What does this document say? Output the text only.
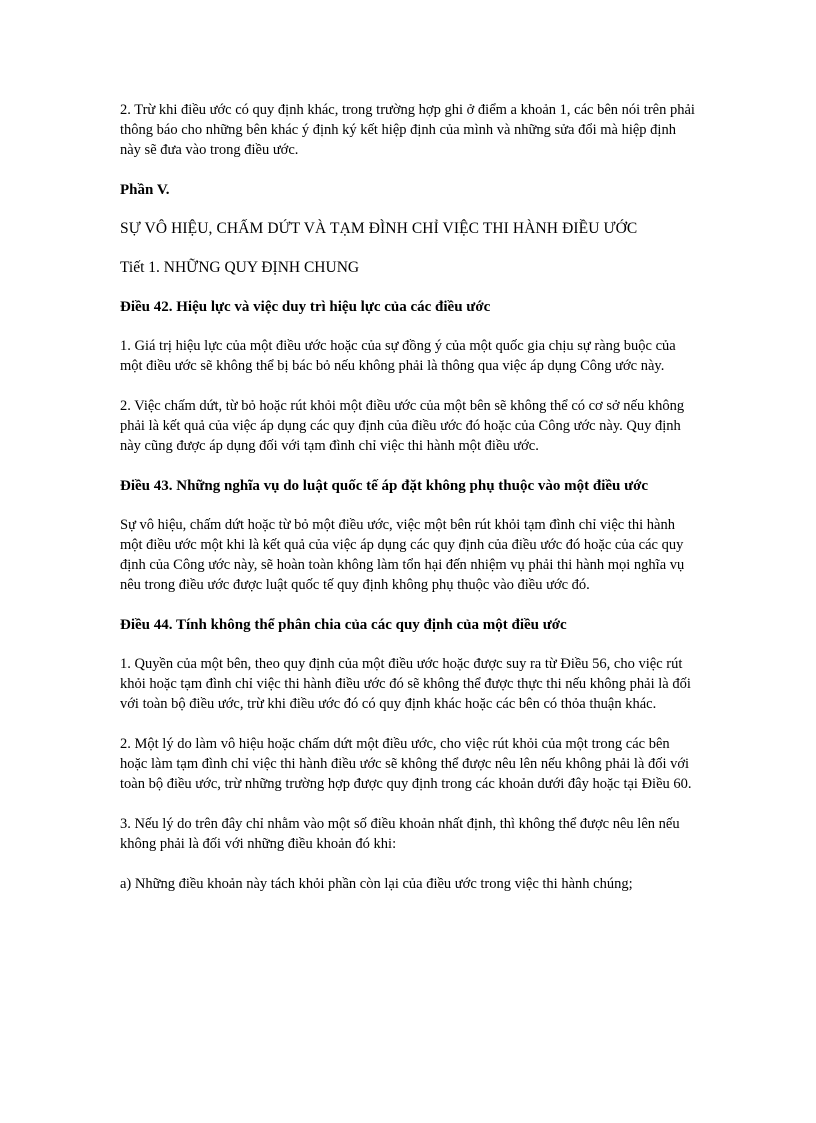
2. Trừ khi điều ước có quy định khác, trong trường hợp ghi ở điểm a khoản 1, các bên nói trên phải thông báo cho những bên khác ý định ký kết hiệp định của mình và những sửa đổi mà hiệp định này sẽ đưa vào trong điều ước.

Phần V.

SỰ VÔ HIỆU, CHẤM DỨT VÀ TẠM ĐÌNH CHỈ VIỆC THI HÀNH ĐIỀU ƯỚC

Tiết 1. NHỮNG QUY ĐỊNH CHUNG

Điều 42. Hiệu lực và việc duy trì hiệu lực của các điều ước

1. Giá trị hiệu lực của một điều ước hoặc của sự đồng ý của một quốc gia chịu sự ràng buộc của một điều ước sẽ không thể bị bác bỏ nếu không phải là thông qua việc áp dụng Công ước này.

2. Việc chấm dứt, từ bỏ hoặc rút khỏi một điều ước của một bên sẽ không thể có cơ sở nếu không phải là kết quả của việc áp dụng các quy định của điều ước đó hoặc của Công ước này. Quy định này cũng được áp dụng đối với tạm đình chỉ việc thi hành một điều ước.

Điều 43. Những nghĩa vụ do luật quốc tế áp đặt không phụ thuộc vào một điều ước

Sự vô hiệu, chấm dứt hoặc từ bỏ một điều ước, việc một bên rút khỏi tạm đình chỉ việc thi hành một điều ước một khi là kết quả của việc áp dụng các quy định của điều ước đó hoặc của các quy định của Công ước này, sẽ hoàn toàn không làm tổn hại đến nhiệm vụ phải thi hành mọi nghĩa vụ nêu trong điều ước được luật quốc tế quy định không phụ thuộc vào điều ước đó.

Điều 44. Tính không thể phân chia của các quy định của một điều ước

1. Quyền của một bên, theo quy định của một điều ước hoặc được suy ra từ Điều 56, cho việc rút khỏi hoặc tạm đình chỉ việc thi hành điều ước đó sẽ không thể được thực thi nếu không phải là đối với toàn bộ điều ước, trừ khi điều ước đó có quy định khác hoặc các bên có thỏa thuận khác.

2. Một lý do làm vô hiệu hoặc chấm dứt một điều ước, cho việc rút khỏi của một trong các bên hoặc làm tạm đình chỉ việc thi hành điều ước sẽ không thể được nêu lên nếu không phải là đối với toàn bộ điều ước, trừ những trường hợp được quy định trong các khoản dưới đây hoặc tại Điều 60.

3. Nếu lý do trên đây chỉ nhằm vào một số điều khoản nhất định, thì không thể được nêu lên nếu không phải là đối với những điều khoản đó khi:

a) Những điều khoản này tách khỏi phần còn lại của điều ước trong việc thi hành chúng;
